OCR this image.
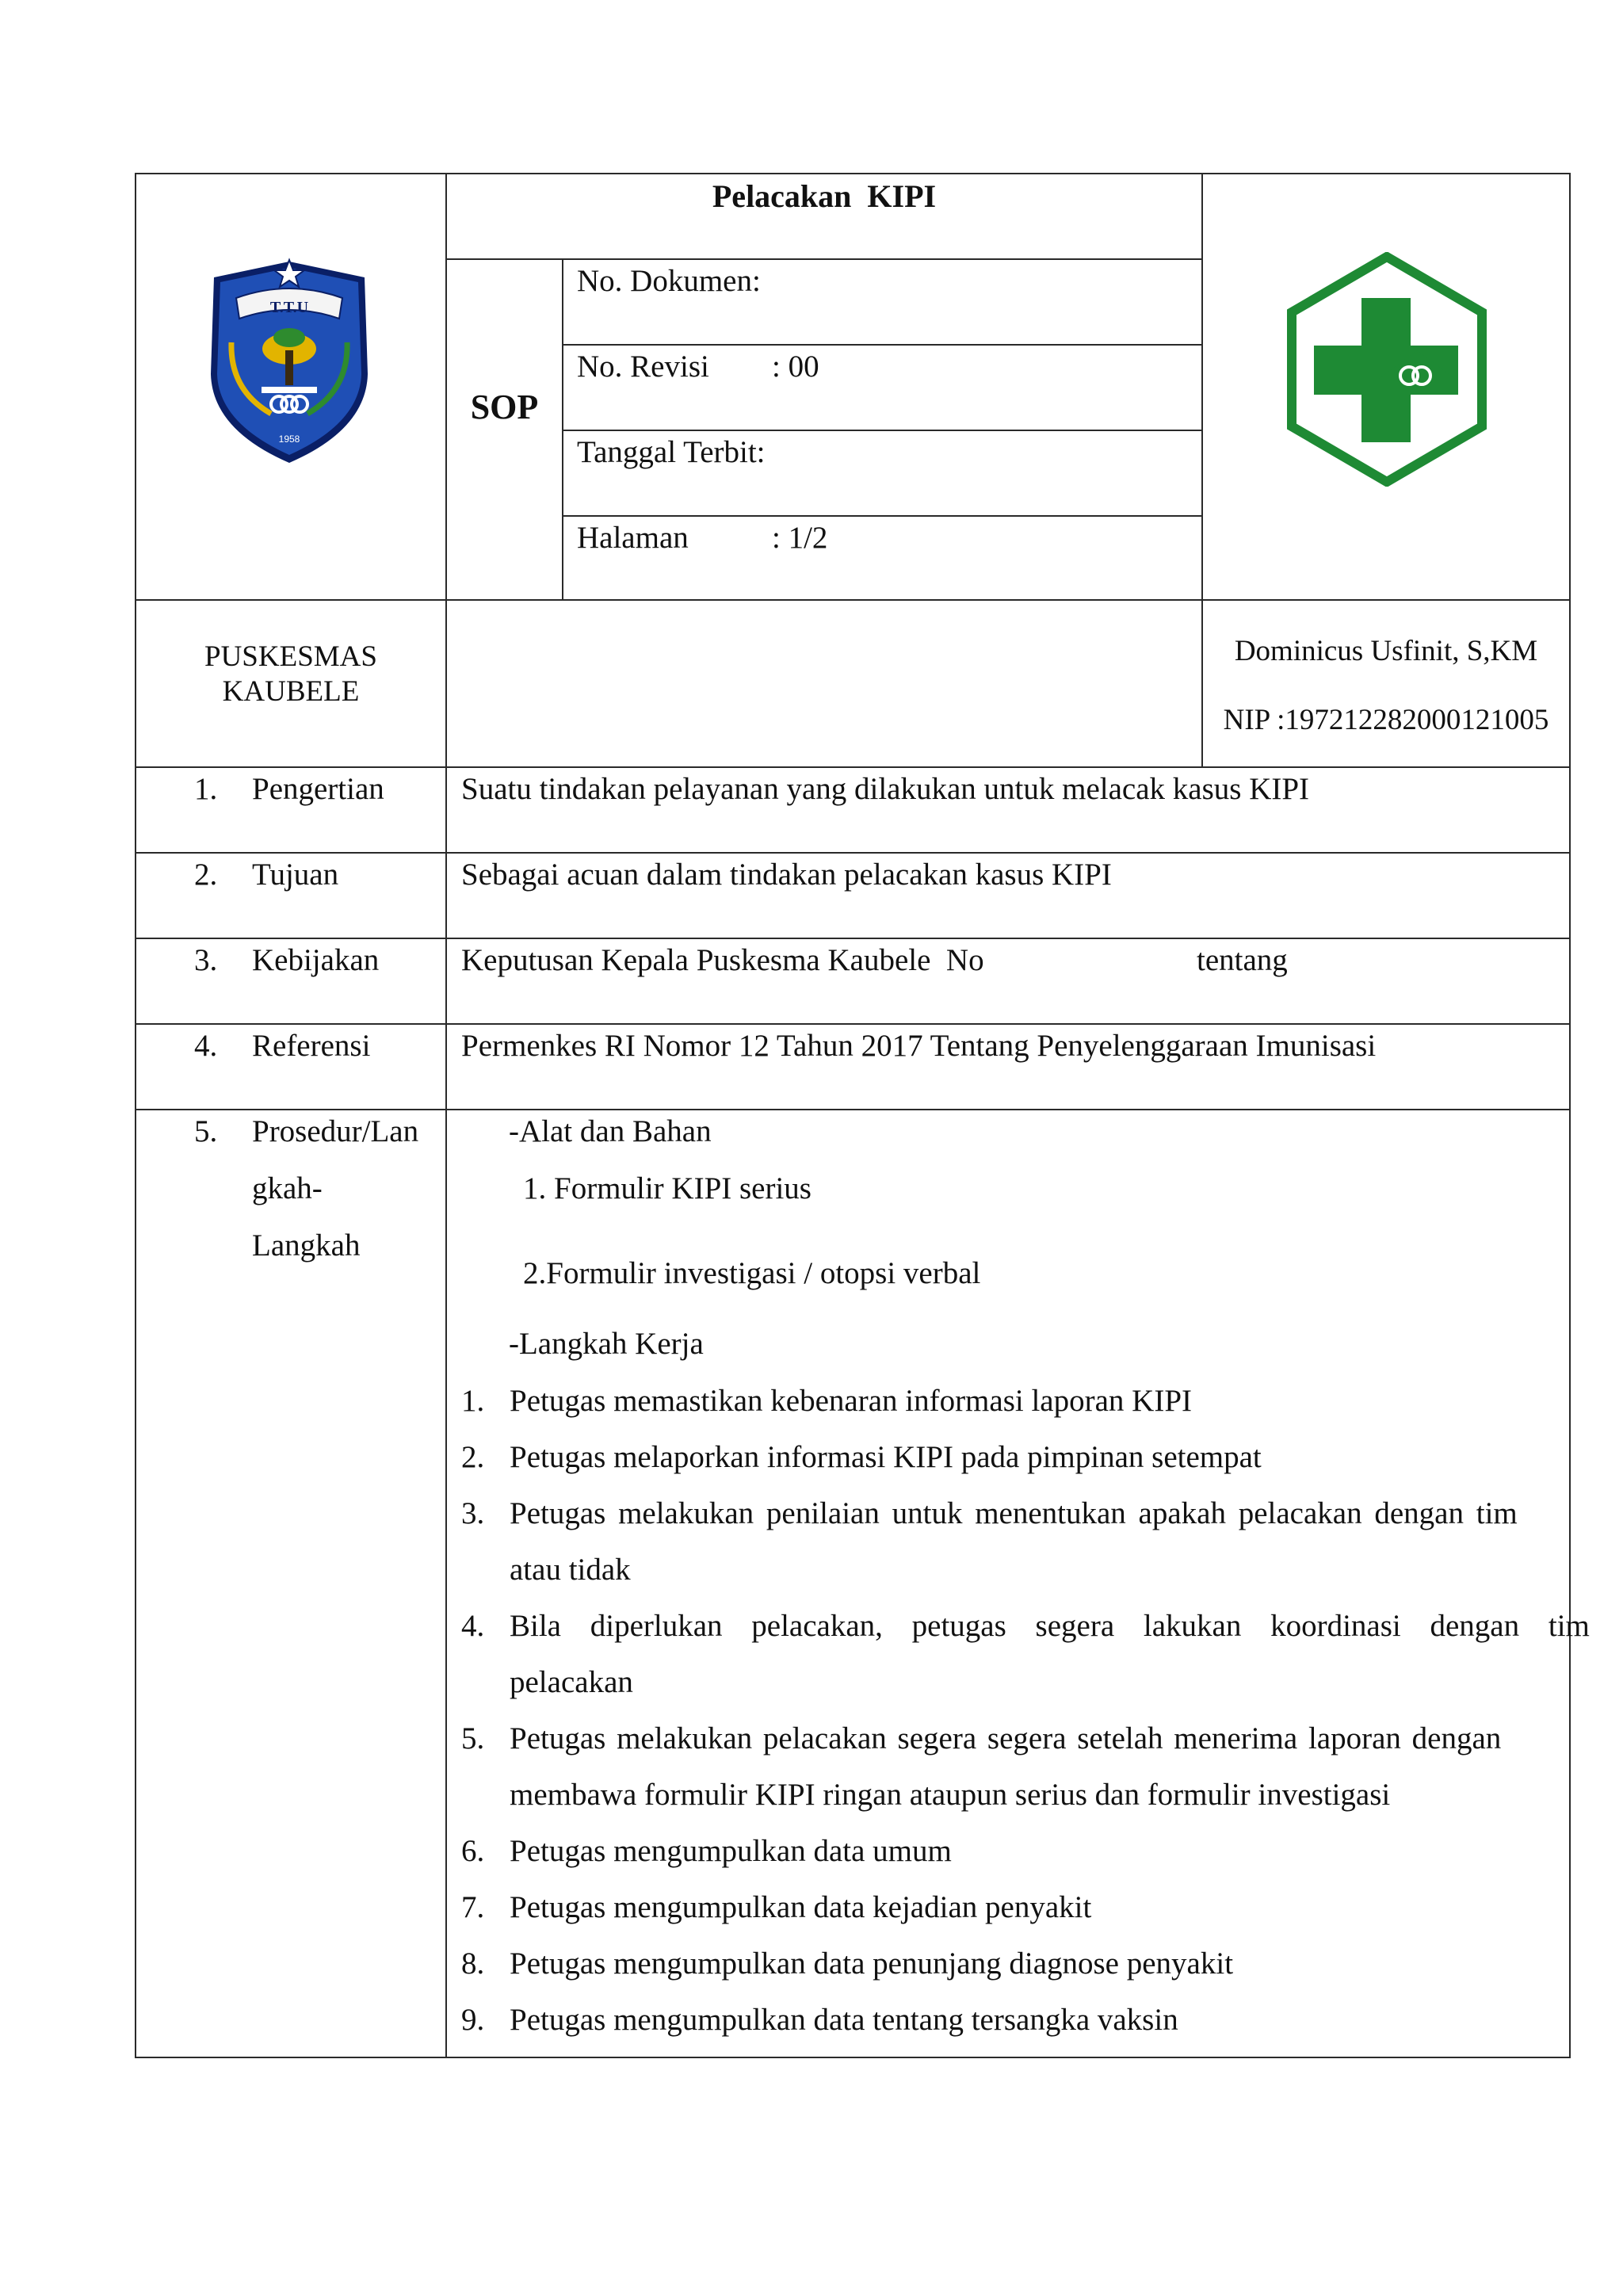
Pelacakan  KIPI
SOP
No. Dokumen:
No. Revisi : 00
Tanggal Terbit:
Halaman	: 1/2
T.T.U
1958
PUSKESMAS
KAUBELE
Dominicus Usfinit, S,KM
NIP :197212282000121005
1. Pengertian Suatu tindakan pelayanan yang dilakukan untuk melacak kasus KIPI
2. Tujuan	Sebagai acuan dalam tindakan pelacakan kasus KIPI
3. Kebijakan	Keputusan Kepala Puskesma Kaubele  No	tentang
4. Referensi	Permenkes RI Nomor 12 Tahun 2017 Tentang Penyelenggaraan Imunisasi
5. Prosedur/Lan
gkah-
Langkah
-Alat dan Bahan
1. Formulir KIPI serius
2.Formulir investigasi / otopsi verbal
-Langkah Kerja
1. Petugas memastikan kebenaran informasi laporan KIPI
2. Petugas melaporkan informasi KIPI pada pimpinan setempat
3. Petugas melakukan penilaian untuk menentukan apakah pelacakan dengan tim
atau tidak
4. Bila diperlukan pelacakan, petugas segera lakukan koordinasi dengan tim
pelacakan
5. Petugas melakukan pelacakan segera segera setelah menerima laporan dengan
membawa formulir KIPI ringan ataupun serius dan formulir investigasi
6. Petugas mengumpulkan data umum
7. Petugas mengumpulkan data kejadian penyakit
8. Petugas mengumpulkan data penunjang diagnose penyakit
9. Petugas mengumpulkan data tentang tersangka vaksin
